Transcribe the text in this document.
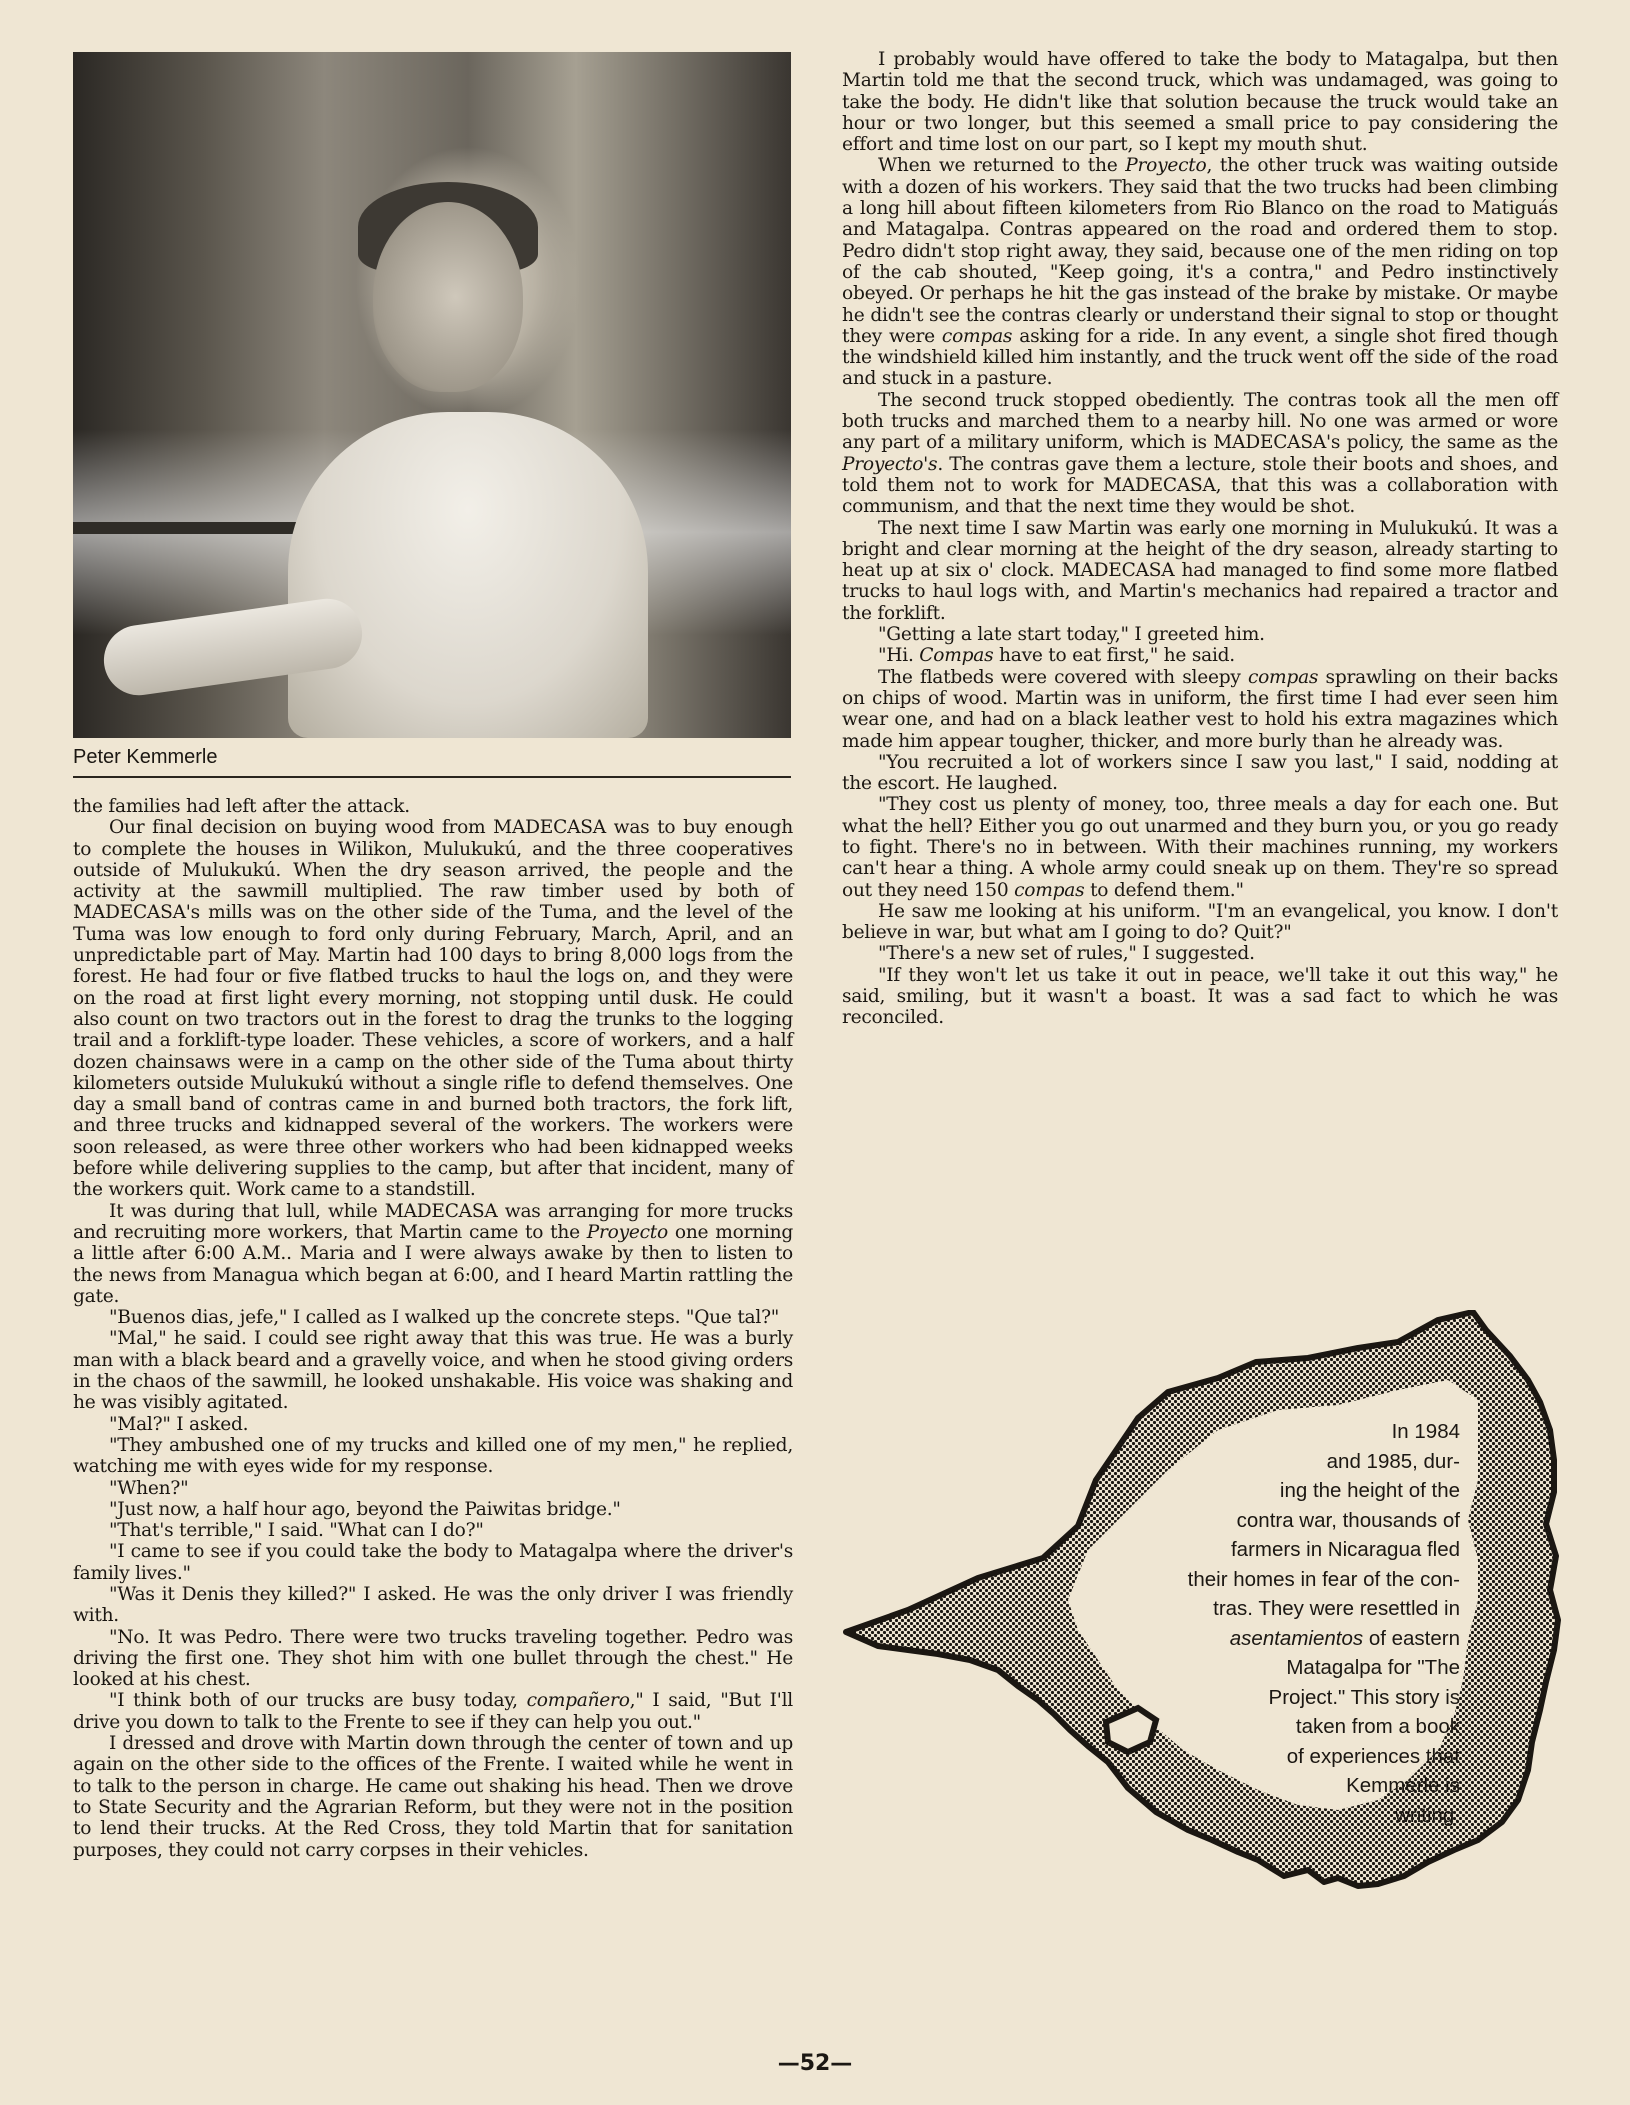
Peter Kemmerle

the families had left after the attack.

Our final decision on buying wood from MADECASA was to buy enough to complete the houses in Wilikon, Mulukukú, and the three cooperatives outside of Mulukukú. When the dry season arrived, the people and the activity at the sawmill multiplied. The raw timber used by both of MADECASA's mills was on the other side of the Tuma, and the level of the Tuma was low enough to ford only during February, March, April, and an unpredictable part of May. Martin had 100 days to bring 8,000 logs from the forest. He had four or five flatbed trucks to haul the logs on, and they were on the road at first light every morning, not stopping until dusk. He could also count on two tractors out in the forest to drag the trunks to the logging trail and a forklift-type loader. These vehicles, a score of workers, and a half dozen chainsaws were in a camp on the other side of the Tuma about thirty kilometers outside Mulukukú without a single rifle to defend themselves. One day a small band of contras came in and burned both tractors, the fork lift, and three trucks and kidnapped several of the workers. The workers were soon released, as were three other workers who had been kidnapped weeks before while delivering supplies to the camp, but after that incident, many of the workers quit. Work came to a standstill.

It was during that lull, while MADECASA was arranging for more trucks and recruiting more workers, that Martin came to the Proyecto one morning a little after 6:00 A.M.. Maria and I were always awake by then to listen to the news from Managua which began at 6:00, and I heard Martin rattling the gate.

"Buenos dias, jefe," I called as I walked up the concrete steps. "Que tal?"

"Mal," he said. I could see right away that this was true. He was a burly man with a black beard and a gravelly voice, and when he stood giving orders in the chaos of the sawmill, he looked unshakable. His voice was shaking and he was visibly agitated.

"Mal?" I asked.

"They ambushed one of my trucks and killed one of my men," he replied, watching me with eyes wide for my response.

"When?"

"Just now, a half hour ago, beyond the Paiwitas bridge."

"That's terrible," I said. "What can I do?"

"I came to see if you could take the body to Matagalpa where the driver's family lives."

"Was it Denis they killed?" I asked. He was the only driver I was friendly with.

"No. It was Pedro. There were two trucks traveling together. Pedro was driving the first one. They shot him with one bullet through the chest." He looked at his chest.

"I think both of our trucks are busy today, compañero," I said, "But I'll drive you down to talk to the Frente to see if they can help you out."

I dressed and drove with Martin down through the center of town and up again on the other side to the offices of the Frente. I waited while he went in to talk to the person in charge. He came out shaking his head. Then we drove to State Security and the Agrarian Reform, but they were not in the position to lend their trucks. At the Red Cross, they told Martin that for sanitation purposes, they could not carry corpses in their vehicles.

I probably would have offered to take the body to Matagalpa, but then Martin told me that the second truck, which was undamaged, was going to take the body. He didn't like that solution because the truck would take an hour or two longer, but this seemed a small price to pay considering the effort and time lost on our part, so I kept my mouth shut.

When we returned to the Proyecto, the other truck was waiting outside with a dozen of his workers. They said that the two trucks had been climbing a long hill about fifteen kilometers from Rio Blanco on the road to Matiguás and Matagalpa. Contras appeared on the road and ordered them to stop. Pedro didn't stop right away, they said, because one of the men riding on top of the cab shouted, "Keep going, it's a contra," and Pedro instinctively obeyed. Or perhaps he hit the gas instead of the brake by mistake. Or maybe he didn't see the contras clearly or understand their signal to stop or thought they were compas asking for a ride. In any event, a single shot fired though the windshield killed him instantly, and the truck went off the side of the road and stuck in a pasture.

The second truck stopped obediently. The contras took all the men off both trucks and marched them to a nearby hill. No one was armed or wore any part of a military uniform, which is MADECASA's policy, the same as the Proyecto's. The contras gave them a lecture, stole their boots and shoes, and told them not to work for MADECASA, that this was a collaboration with communism, and that the next time they would be shot.

The next time I saw Martin was early one morning in Mulukukú. It was a bright and clear morning at the height of the dry season, already starting to heat up at six o' clock. MADECASA had managed to find some more flatbed trucks to haul logs with, and Martin's mechanics had repaired a tractor and the forklift.

"Getting a late start today," I greeted him.

"Hi. Compas have to eat first," he said.

The flatbeds were covered with sleepy compas sprawling on their backs on chips of wood. Martin was in uniform, the first time I had ever seen him wear one, and had on a black leather vest to hold his extra magazines which made him appear tougher, thicker, and more burly than he already was.

"You recruited a lot of workers since I saw you last," I said, nodding at the escort. He laughed.

"They cost us plenty of money, too, three meals a day for each one. But what the hell? Either you go out unarmed and they burn you, or you go ready to fight. There's no in between. With their machines running, my workers can't hear a thing. A whole army could sneak up on them. They're so spread out they need 150 compas to defend them."

He saw me looking at his uniform. "I'm an evangelical, you know. I don't believe in war, but what am I going to do? Quit?"

"There's a new set of rules," I suggested.

"If they won't let us take it out in peace, we'll take it out this way," he said, smiling, but it wasn't a boast. It was a sad fact to which he was reconciled.

In 1984
and 1985, dur-
ing the height of the
contra war, thousands of
farmers in Nicaragua fled
their homes in fear of the con-
tras. They were resettled in
asentamientos of eastern
Matagalpa for "The
Project." This story is
taken from a book
of experiences that
Kemmerle is
writing.
—52—
